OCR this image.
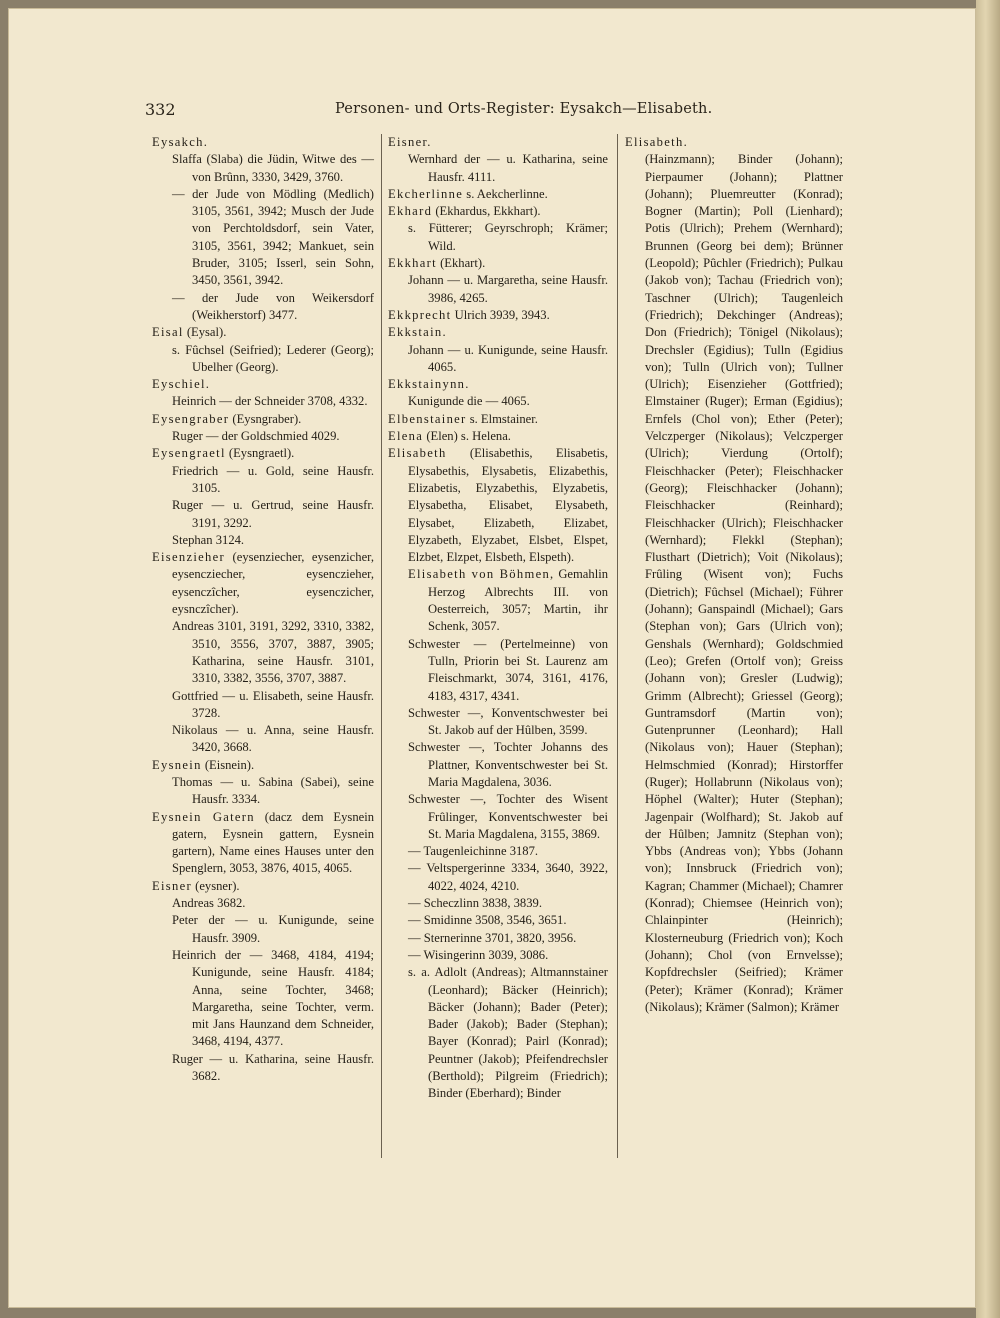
332	Personen- und Orts-Register: Eysakch—Elisabeth.

Eysakch.

Slaffa (Slaba) die Jüdin, Witwe des — von Brûnn, 3330, 3429, 3760.

— der Jude von Mödling (Medlich) 3105, 3561, 3942; Musch der Jude von Perchtoldsdorf, sein Vater, 3105, 3561, 3942; Mankuet, sein Bruder, 3105; Isserl, sein Sohn, 3450, 3561, 3942.

— der Jude von Weikersdorf (Weikherstorf) 3477.

Eisal (Eysal).

s. Fûchsel (Seifried); Lederer (Georg); Ubelher (Georg).

Eyschiel.

Heinrich — der Schneider 3708, 4332.

Eysengraber (Eysngraber).

Ruger — der Goldschmied 4029.

Eysengraetl (Eysngraetl).

Friedrich — u. Gold, seine Hausfr. 3105.

Ruger — u. Gertrud, seine Hausfr. 3191, 3292.

Stephan 3124.

Eisenzieher (eysenziecher, eysenzicher, eysencziecher, eysenczieher, eysenczîcher, eysenczicher, eysnczîcher).

Andreas 3101, 3191, 3292, 3310, 3382, 3510, 3556, 3707, 3887, 3905; Katharina, seine Hausfr. 3101, 3310, 3382, 3556, 3707, 3887.

Gottfried — u. Elisabeth, seine Hausfr. 3728.

Nikolaus — u. Anna, seine Hausfr. 3420, 3668.

Eysnein (Eisnein).

Thomas — u. Sabina (Sabei), seine Hausfr. 3334.

Eysnein Gatern (dacz dem Eysnein gatern, Eysnein gattern, Eysnein gartern), Name eines Hauses unter den Spenglern, 3053, 3876, 4015, 4065.

Eisner (eysner).

Andreas 3682.

Peter der — u. Kunigunde, seine Hausfr. 3909.

Heinrich der — 3468, 4184, 4194; Kunigunde, seine Hausfr. 4184; Anna, seine Tochter, 3468; Margaretha, seine Tochter, verm. mit Jans Haunzand dem Schneider, 3468, 4194, 4377.

Ruger — u. Katharina, seine Hausfr. 3682.

Eisner.

Wernhard der — u. Katharina, seine Hausfr. 4111.

Ekcherlinne s. Aekcherlinne.

Ekhard (Ekhardus, Ekkhart).

s. Fütterer; Geyrschroph; Krämer; Wild.

Ekkhart (Ekhart).

Johann — u. Margaretha, seine Hausfr. 3986, 4265.

Ekkprecht Ulrich 3939, 3943.

Ekkstain.

Johann — u. Kunigunde, seine Hausfr. 4065.

Ekkstainynn.

Kunigunde die — 4065.

Elbenstainer s. Elmstainer.

Elena (Elen) s. Helena.

Elisabeth (Elisabethis, Elisabetis, Elysabethis, Elysabetis, Elizabethis, Elizabetis, Elyzabethis, Elyzabetis, Elysabetha, Elisabet, Elysabeth, Elysabet, Elizabeth, Elizabet, Elyzabeth, Elyzabet, Elsbet, Elspet, Elzbet, Elzpet, Elsbeth, Elspeth).

Elisabeth von Böhmen, Gemahlin Herzog Albrechts III. von Oesterreich, 3057; Martin, ihr Schenk, 3057.

Schwester — (Pertelmeinne) von Tulln, Priorin bei St. Laurenz am Fleischmarkt, 3074, 3161, 4176, 4183, 4317, 4341.

Schwester —, Konventschwester bei St. Jakob auf der Hûlben, 3599.

Schwester —, Tochter Johanns des Plattner, Konventschwester bei St. Maria Magdalena, 3036.

Schwester —, Tochter des Wisent Frûlinger, Konventschwester bei St. Maria Magdalena, 3155, 3869.

— Taugenleichinne 3187.

— Veltspergerinne 3334, 3640, 3922, 4022, 4024, 4210.

— Scheczlinn 3838, 3839.

— Smidinne 3508, 3546, 3651.

— Sternerinne 3701, 3820, 3956.

— Wisingerinn 3039, 3086.

s. a. Adlolt (Andreas); Altmannstainer (Leonhard); Bäcker (Heinrich); Bäcker (Johann); Bader (Peter); Bader (Jakob); Bader (Stephan); Bayer (Konrad); Pairl (Konrad); Peuntner (Jakob); Pfeifendrechsler (Berthold); Pilgreim (Friedrich); Binder (Eberhard); Binder

Elisabeth.

(Hainzmann); Binder (Johann); Pierpaumer (Johann); Plattner (Johann); Pluemreutter (Konrad); Bogner (Martin); Poll (Lienhard); Potis (Ulrich); Prehem (Wernhard); Brunnen (Georg bei dem); Brünner (Leopold); Pûchler (Friedrich); Pulkau (Jakob von); Tachau (Friedrich von); Taschner (Ulrich); Taugenleich (Friedrich); Dekchinger (Andreas); Don (Friedrich); Tönigel (Nikolaus); Drechsler (Egidius); Tulln (Egidius von); Tulln (Ulrich von); Tullner (Ulrich); Eisenzieher (Gottfried); Elmstainer (Ruger); Erman (Egidius); Ernfels (Chol von); Ether (Peter); Velczperger (Nikolaus); Velczperger (Ulrich); Vierdung (Ortolf); Fleischhacker (Peter); Fleischhacker (Georg); Fleischhacker (Johann); Fleischhacker (Reinhard); Fleischhacker (Ulrich); Fleischhacker (Wernhard); Flekkl (Stephan); Flusthart (Dietrich); Voit (Nikolaus); Frûling (Wisent von); Fuchs (Dietrich); Fûchsel (Michael); Führer (Johann); Ganspaindl (Michael); Gars (Stephan von); Gars (Ulrich von); Genshals (Wernhard); Goldschmied (Leo); Grefen (Ortolf von); Greiss (Johann von); Gresler (Ludwig); Grimm (Albrecht); Griessel (Georg); Guntramsdorf (Martin von); Gutenprunner (Leonhard); Hall (Nikolaus von); Hauer (Stephan); Helmschmied (Konrad); Hirstorffer (Ruger); Hollabrunn (Nikolaus von); Höphel (Walter); Huter (Stephan); Jagenpair (Wolfhard); St. Jakob auf der Hûlben; Jamnitz (Stephan von); Ybbs (Andreas von); Ybbs (Johann von); Innsbruck (Friedrich von); Kagran; Chammer (Michael); Chamrer (Konrad); Chiemsee (Heinrich von); Chlainpinter (Heinrich); Klosterneuburg (Friedrich von); Koch (Johann); Chol (von Ernvelsse); Kopfdrechsler (Seifried); Krämer (Peter); Krämer (Konrad); Krämer (Nikolaus); Krämer (Salmon); Krämer
